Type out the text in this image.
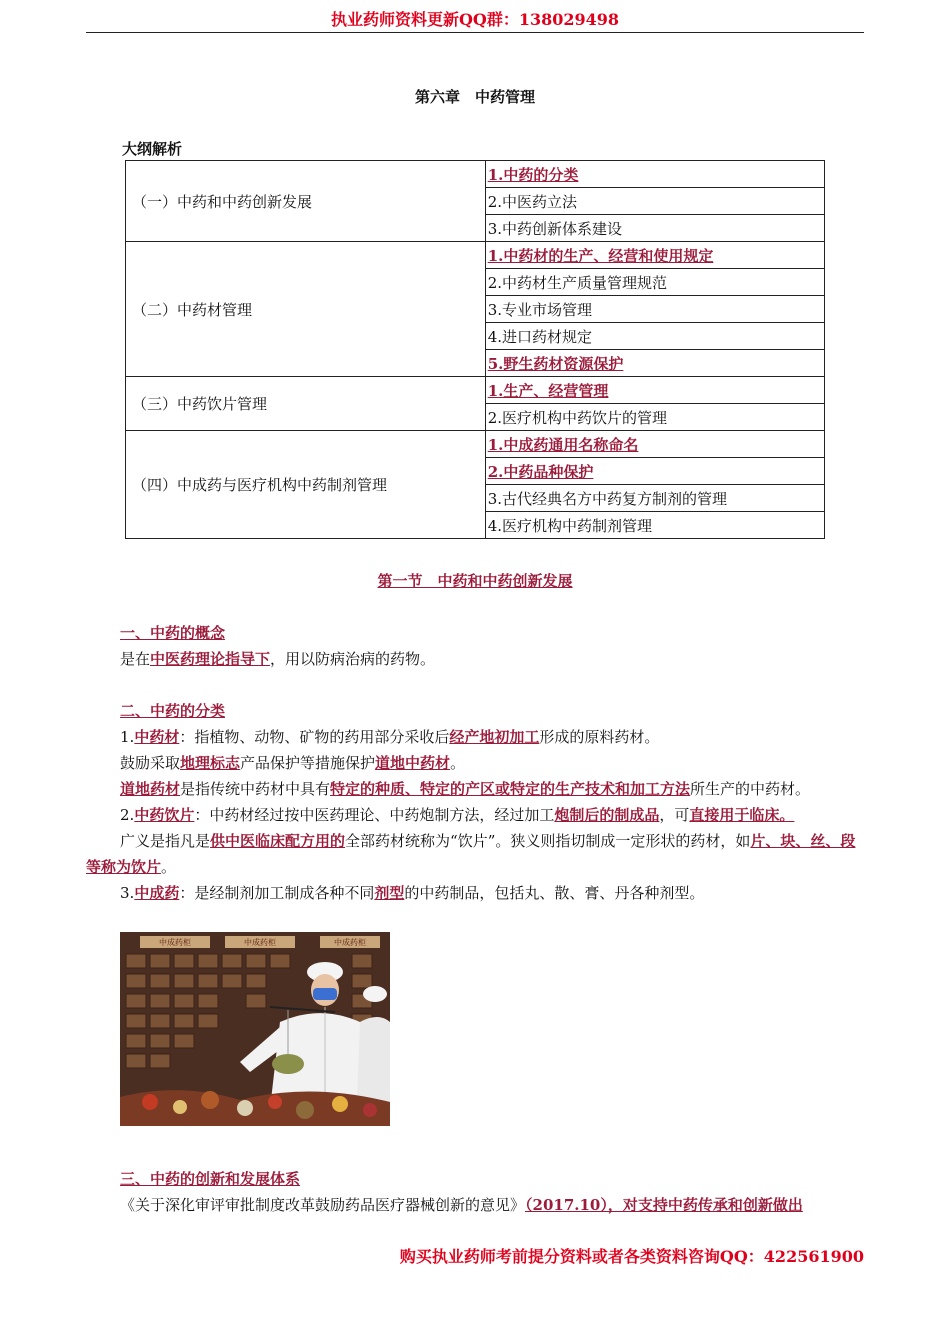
执业药师资料更新QQ群：138029498
第六章　中药管理
大纲解析
（一）中药和中药创新发展	1.中药的分类
	2.中医药立法
	3.中药创新体系建设
（二）中药材管理	1.中药材的生产、经营和使用规定
	2.中药材生产质量管理规范
	3.专业市场管理
	4.进口药材规定
	5.野生药材资源保护
（三）中药饮片管理	1.生产、经营管理
	2.医疗机构中药饮片的管理
（四）中成药与医疗机构中药制剂管理	1.中成药通用名称命名
	2.中药品种保护
	3.古代经典名方中药复方制剂的管理
	4.医疗机构中药制剂管理
第一节　中药和中药创新发展
一、中药的概念
是在中医药理论指导下，用以防病治病的药物。
二、中药的分类
1.中药材：指植物、动物、矿物的药用部分采收后经产地初加工形成的原料药材。
鼓励采取地理标志产品保护等措施保护道地中药材。
道地药材是指传统中药材中具有特定的种质、特定的产区或特定的生产技术和加工方法所生产的中药材。
2.中药饮片：中药材经过按中医药理论、中药炮制方法，经过加工炮制后的制成品，可直接用于临床。
广义是指凡是供中医临床配方用的全部药材统称为“饮片”。狭义则指切制成一定形状的药材，如片、块、丝、段等称为饮片。
3.中成药：是经制剂加工制成各种不同剂型的中药制品，包括丸、散、膏、丹各种剂型。
中成药柜	中成药柜	中成药柜
三、中药的创新和发展体系
《关于深化审评审批制度改革鼓励药品医疗器械创新的意见》（2017.10），对支持中药传承和创新做出
购买执业药师考前提分资料或者各类资料咨询QQ：422561900
